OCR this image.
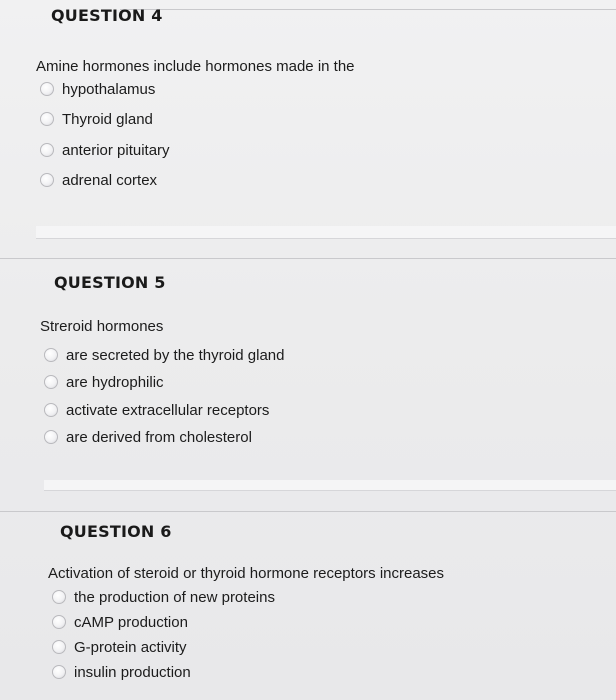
QUESTION 4
Amine hormones include hormones made in the
hypothalamus
Thyroid gland
anterior pituitary
adrenal cortex
QUESTION 5
Streroid hormones
are secreted by the thyroid gland
are hydrophilic
activate extracellular receptors
are derived from cholesterol
QUESTION 6
Activation of steroid or thyroid hormone receptors increases
the production of new proteins
cAMP production
G-protein activity
insulin production
